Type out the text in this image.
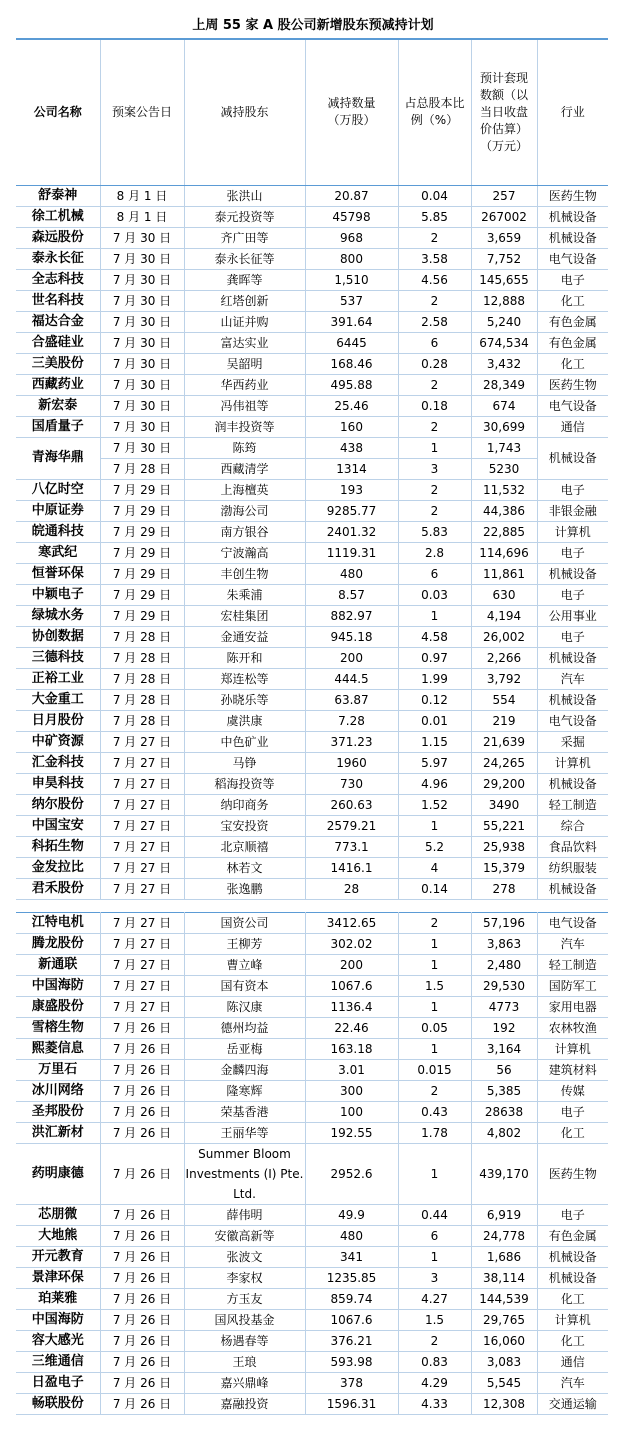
上周 55 家 A 股公司新增股东预减持计划
公司名称	预案公告日	减持股东	减持数量（万股）	占总股本比例（%）	预计套现数额（以当日收盘价估算）（万元）	行业
舒泰神	8 月 1 日	张洪山	20.87	0.04	257	医药生物
徐工机械	8 月 1 日	泰元投资等	45798	5.85	267002	机械设备
森远股份	7 月 30 日	齐广田等	968	2	3,659	机械设备
泰永长征	7 月 30 日	泰永长征等	800	3.58	7,752	电气设备
全志科技	7 月 30 日	龚晖等	1,510	4.56	145,655	电子
世名科技	7 月 30 日	红塔创新	537	2	12,888	化工
福达合金	7 月 30 日	山证并购	391.64	2.58	5,240	有色金属
合盛硅业	7 月 30 日	富达实业	6445	6	674,534	有色金属
三美股份	7 月 30 日	吴韶明	168.46	0.28	3,432	化工
西藏药业	7 月 30 日	华西药业	495.88	2	28,349	医药生物
新宏泰	7 月 30 日	冯伟祖等	25.46	0.18	674	电气设备
国盾量子	7 月 30 日	润丰投资等	160	2	30,699	通信
青海华鼎	7 月 30 日	陈筠	438	1	1,743	机械设备
	7 月 28 日	西藏清学	1314	3	5230	
八亿时空	7 月 29 日	上海檀英	193	2	11,532	电子
中原证券	7 月 29 日	渤海公司	9285.77	2	44,386	非银金融
皖通科技	7 月 29 日	南方银谷	2401.32	5.83	22,885	计算机
寒武纪	7 月 29 日	宁波瀚高	1119.31	2.8	114,696	电子
恒誉环保	7 月 29 日	丰创生物	480	6	11,861	机械设备
中颖电子	7 月 29 日	朱乘浦	8.57	0.03	630	电子
绿城水务	7 月 29 日	宏桂集团	882.97	1	4,194	公用事业
协创数据	7 月 28 日	金通安益	945.18	4.58	26,002	电子
三德科技	7 月 28 日	陈开和	200	0.97	2,266	机械设备
正裕工业	7 月 28 日	郑连松等	444.5	1.99	3,792	汽车
大金重工	7 月 28 日	孙晓乐等	63.87	0.12	554	机械设备
日月股份	7 月 28 日	虞洪康	7.28	0.01	219	电气设备
中矿资源	7 月 27 日	中色矿业	371.23	1.15	21,639	采掘
汇金科技	7 月 27 日	马铮	1960	5.97	24,265	计算机
申昊科技	7 月 27 日	稻海投资等	730	4.96	29,200	机械设备
纳尔股份	7 月 27 日	纳印商务	260.63	1.52	3490	轻工制造
中国宝安	7 月 27 日	宝安投资	2579.21	1	55,221	综合
科拓生物	7 月 27 日	北京顺禧	773.1	5.2	25,938	食品饮料
金发拉比	7 月 27 日	林若文	1416.1	4	15,379	纺织服装
君禾股份	7 月 27 日	张逸鹏	28	0.14	278	机械设备
江特电机	7 月 27 日	国资公司	3412.65	2	57,196	电气设备
腾龙股份	7 月 27 日	王柳芳	302.02	1	3,863	汽车
新通联	7 月 27 日	曹立峰	200	1	2,480	轻工制造
中国海防	7 月 27 日	国有资本	1067.6	1.5	29,530	国防军工
康盛股份	7 月 27 日	陈汉康	1136.4	1	4773	家用电器
雪榕生物	7 月 26 日	德州均益	22.46	0.05	192	农林牧渔
熙菱信息	7 月 26 日	岳亚梅	163.18	1	3,164	计算机
万里石	7 月 26 日	金麟四海	3.01	0.015	56	建筑材料
冰川网络	7 月 26 日	隆寒辉	300	2	5,385	传媒
圣邦股份	7 月 26 日	荣基香港	100	0.43	28638	电子
洪汇新材	7 月 26 日	王丽华等	192.55	1.78	4,802	化工
药明康德	7 月 26 日	Summer Bloom Investments (I) Pte. Ltd.	2952.6	1	439,170	医药生物
芯朋微	7 月 26 日	薛伟明	49.9	0.44	6,919	电子
大地熊	7 月 26 日	安徽高新等	480	6	24,778	有色金属
开元教育	7 月 26 日	张波文	341	1	1,686	机械设备
景津环保	7 月 26 日	李家权	1235.85	3	38,114	机械设备
珀莱雅	7 月 26 日	方玉友	859.74	4.27	144,539	化工
中国海防	7 月 26 日	国风投基金	1067.6	1.5	29,765	计算机
容大感光	7 月 26 日	杨遇春等	376.21	2	16,060	化工
三维通信	7 月 26 日	王琅	593.98	0.83	3,083	通信
日盈电子	7 月 26 日	嘉兴鼎峰	378	4.29	5,545	汽车
畅联股份	7 月 26 日	嘉融投资	1596.31	4.33	12,308	交通运输
